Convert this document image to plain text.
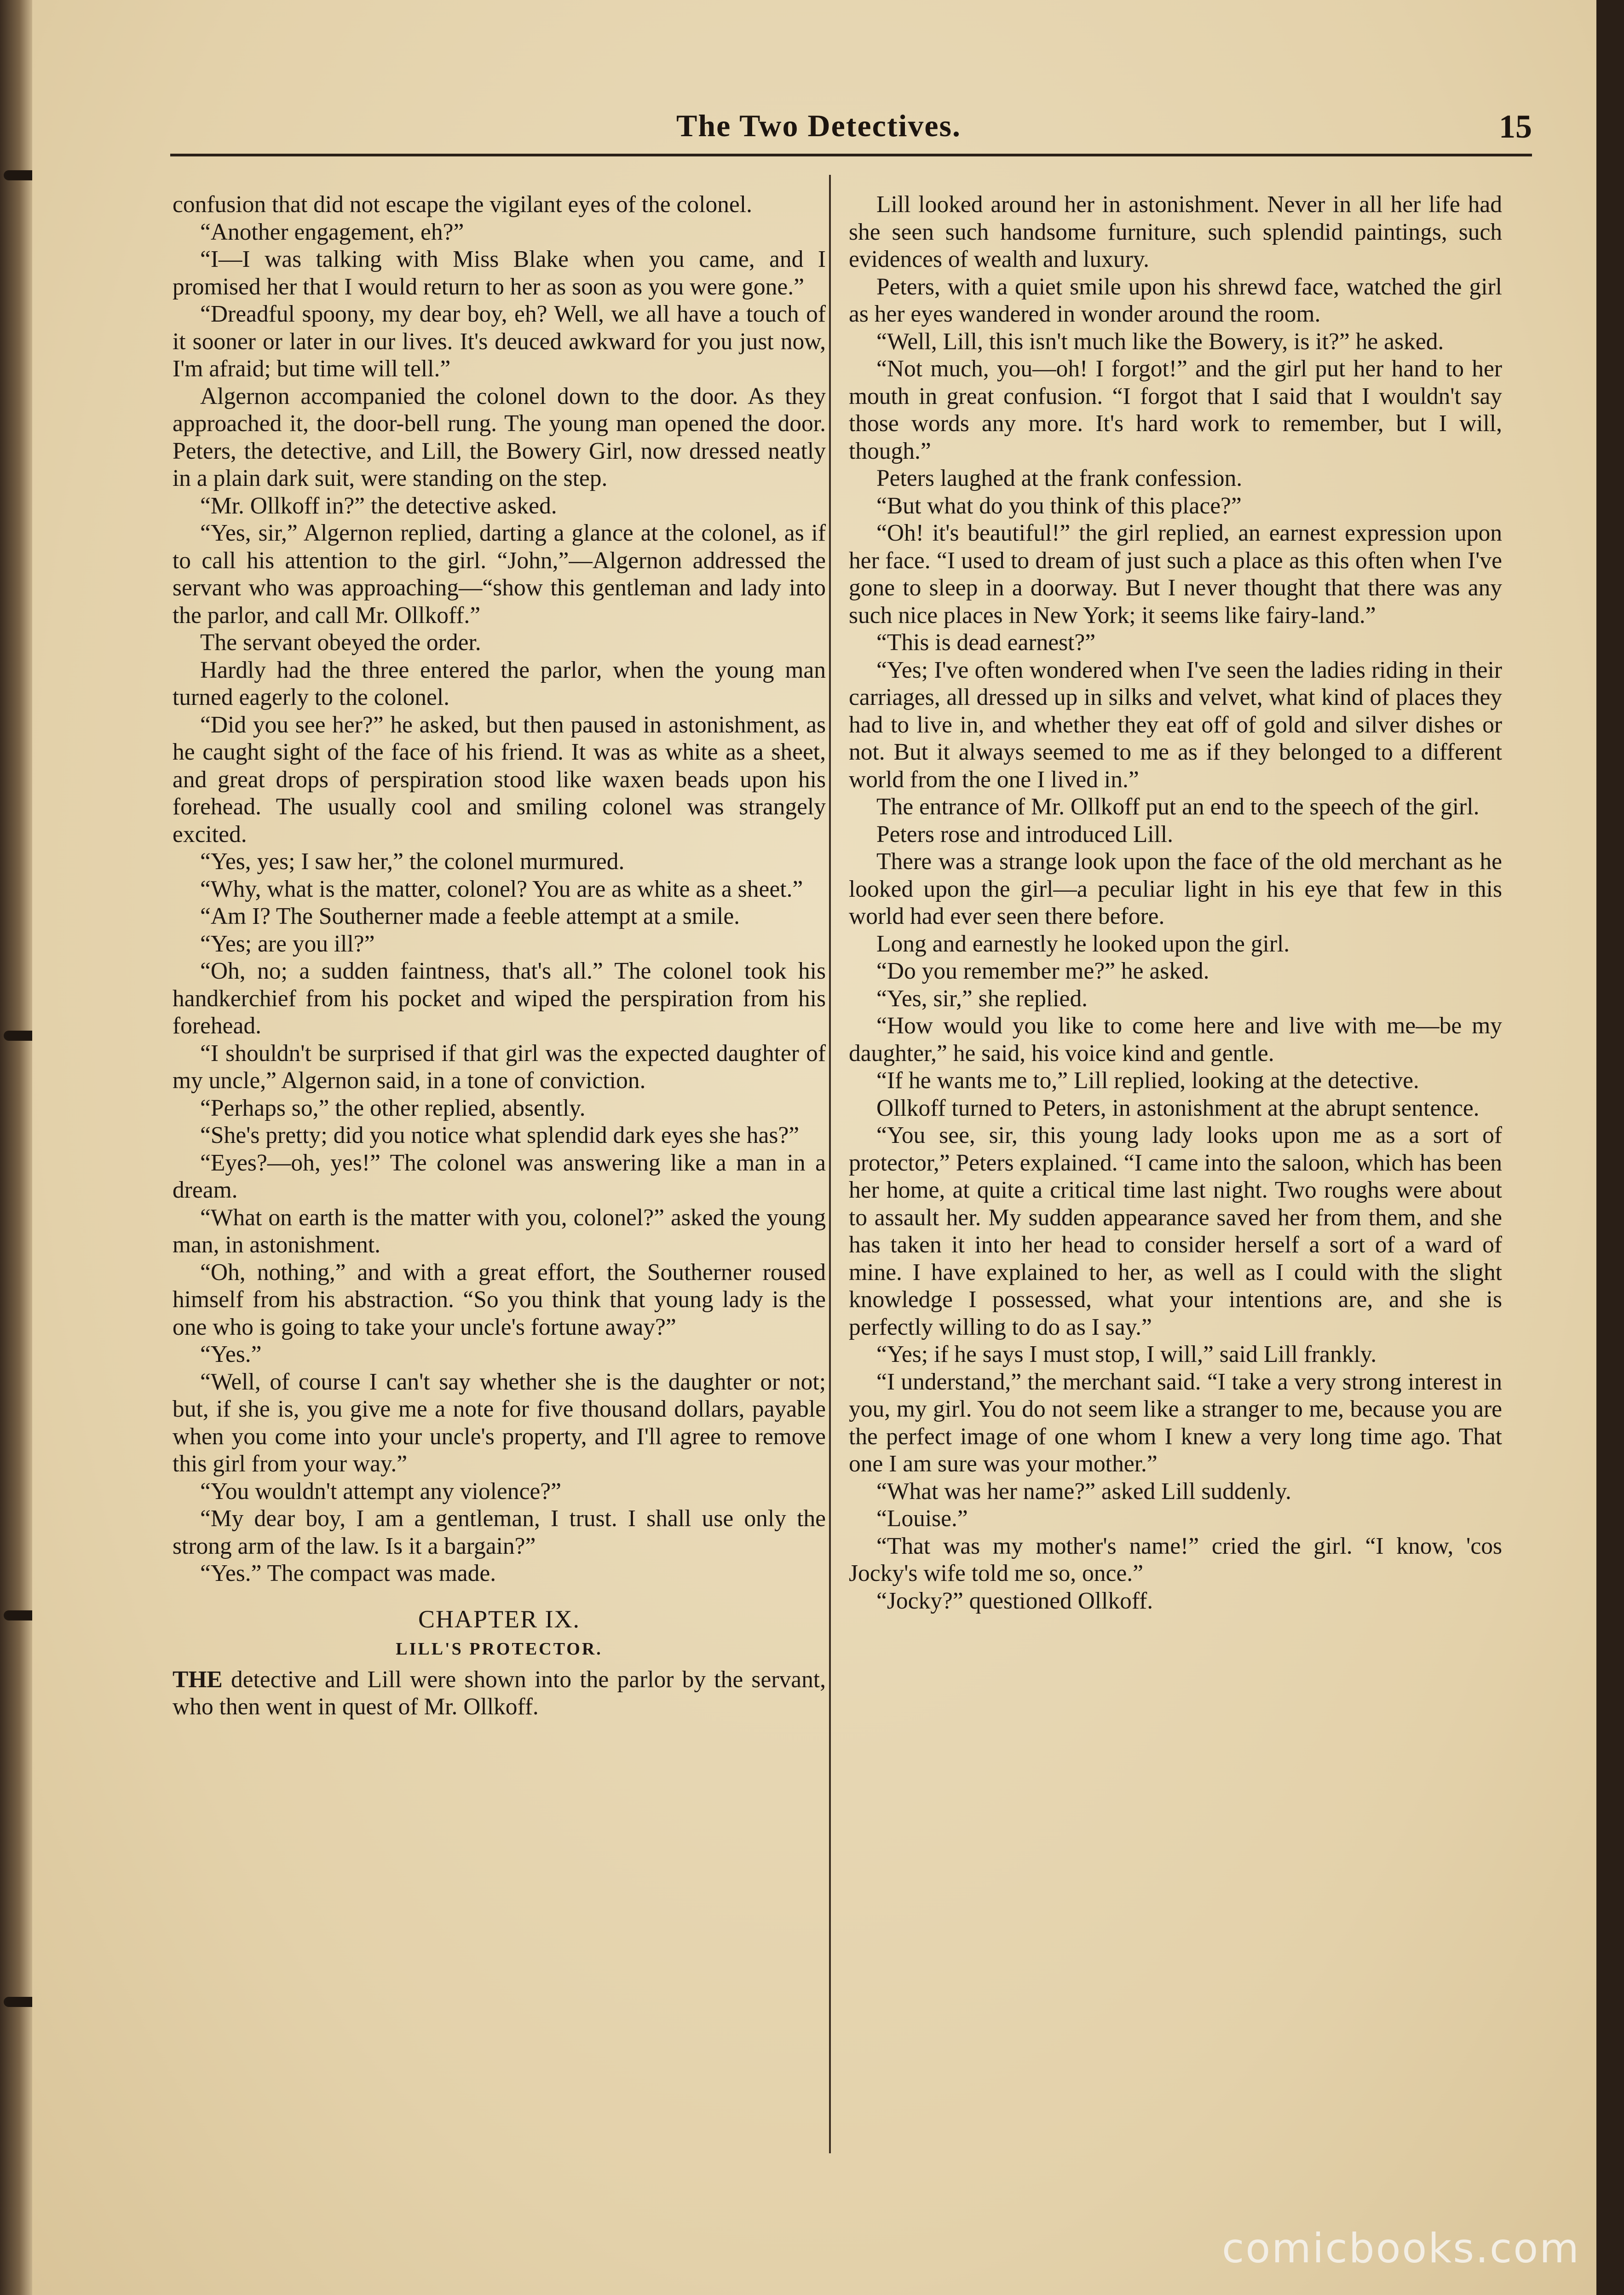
The Two Detectives.	15

confusion that did not escape the vigilant eyes of the colonel.

“Another engagement, eh?”

“I—I was talking with Miss Blake when you came, and I promised her that I would return to her as soon as you were gone.”

“Dreadful spoony, my dear boy, eh? Well, we all have a touch of it sooner or later in our lives. It's deuced awkward for you just now, I'm afraid; but time will tell.”

Algernon accompanied the colonel down to the door. As they approached it, the door-bell rung. The young man opened the door. Peters, the detective, and Lill, the Bowery Girl, now dressed neatly in a plain dark suit, were standing on the step.

“Mr. Ollkoff in?” the detective asked.

“Yes, sir,” Algernon replied, darting a glance at the colonel, as if to call his attention to the girl. “John,”—Algernon addressed the servant who was approaching—“show this gentleman and lady into the parlor, and call Mr. Ollkoff.”

The servant obeyed the order.

Hardly had the three entered the parlor, when the young man turned eagerly to the colonel.

“Did you see her?” he asked, but then paused in astonishment, as he caught sight of the face of his friend. It was as white as a sheet, and great drops of perspiration stood like waxen beads upon his forehead. The usually cool and smiling colonel was strangely excited.

“Yes, yes; I saw her,” the colonel murmured.

“Why, what is the matter, colonel? You are as white as a sheet.”

“Am I? The Southerner made a feeble attempt at a smile.

“Yes; are you ill?”

“Oh, no; a sudden faintness, that's all.” The colonel took his handkerchief from his pocket and wiped the perspiration from his forehead.

“I shouldn't be surprised if that girl was the expected daughter of my uncle,” Algernon said, in a tone of conviction.

“Perhaps so,” the other replied, absently.

“She's pretty; did you notice what splendid dark eyes she has?”

“Eyes?—oh, yes!” The colonel was answering like a man in a dream.

“What on earth is the matter with you, colonel?” asked the young man, in astonishment.

“Oh, nothing,” and with a great effort, the Southerner roused himself from his abstraction. “So you think that young lady is the one who is going to take your uncle's fortune away?”

“Yes.”

“Well, of course I can't say whether she is the daughter or not; but, if she is, you give me a note for five thousand dollars, payable when you come into your uncle's property, and I'll agree to remove this girl from your way.”

“You wouldn't attempt any violence?”

“My dear boy, I am a gentleman, I trust. I shall use only the strong arm of the law. Is it a bargain?”

“Yes.” The compact was made.

CHAPTER IX.
LILL'S PROTECTOR.

THE detective and Lill were shown into the parlor by the servant, who then went in quest of Mr. Ollkoff.

Lill looked around her in astonishment. Never in all her life had she seen such handsome furniture, such splendid paintings, such evidences of wealth and luxury.

Peters, with a quiet smile upon his shrewd face, watched the girl as her eyes wandered in wonder around the room.

“Well, Lill, this isn't much like the Bowery, is it?” he asked.

“Not much, you—oh! I forgot!” and the girl put her hand to her mouth in great confusion. “I forgot that I said that I wouldn't say those words any more. It's hard work to remember, but I will, though.”

Peters laughed at the frank confession.

“But what do you think of this place?”

“Oh! it's beautiful!” the girl replied, an earnest expression upon her face. “I used to dream of just such a place as this often when I've gone to sleep in a doorway. But I never thought that there was any such nice places in New York; it seems like fairy-land.”

“This is dead earnest?”

“Yes; I've often wondered when I've seen the ladies riding in their carriages, all dressed up in silks and velvet, what kind of places they had to live in, and whether they eat off of gold and silver dishes or not. But it always seemed to me as if they belonged to a different world from the one I lived in.”

The entrance of Mr. Ollkoff put an end to the speech of the girl.

Peters rose and introduced Lill.

There was a strange look upon the face of the old merchant as he looked upon the girl—a peculiar light in his eye that few in this world had ever seen there before.

Long and earnestly he looked upon the girl.

“Do you remember me?” he asked.

“Yes, sir,” she replied.

“How would you like to come here and live with me—be my daughter,” he said, his voice kind and gentle.

“If he wants me to,” Lill replied, looking at the detective.

Ollkoff turned to Peters, in astonishment at the abrupt sentence.

“You see, sir, this young lady looks upon me as a sort of protector,” Peters explained. “I came into the saloon, which has been her home, at quite a critical time last night. Two roughs were about to assault her. My sudden appearance saved her from them, and she has taken it into her head to consider herself a sort of a ward of mine. I have explained to her, as well as I could with the slight knowledge I possessed, what your intentions are, and she is perfectly willing to do as I say.”

“Yes; if he says I must stop, I will,” said Lill frankly.

“I understand,” the merchant said. “I take a very strong interest in you, my girl. You do not seem like a stranger to me, because you are the perfect image of one whom I knew a very long time ago. That one I am sure was your mother.”

“What was her name?” asked Lill suddenly.

“Louise.”

“That was my mother's name!” cried the girl. “I know, 'cos Jocky's wife told me so, once.”

“Jocky?” questioned Ollkoff.

comicbooks.com
